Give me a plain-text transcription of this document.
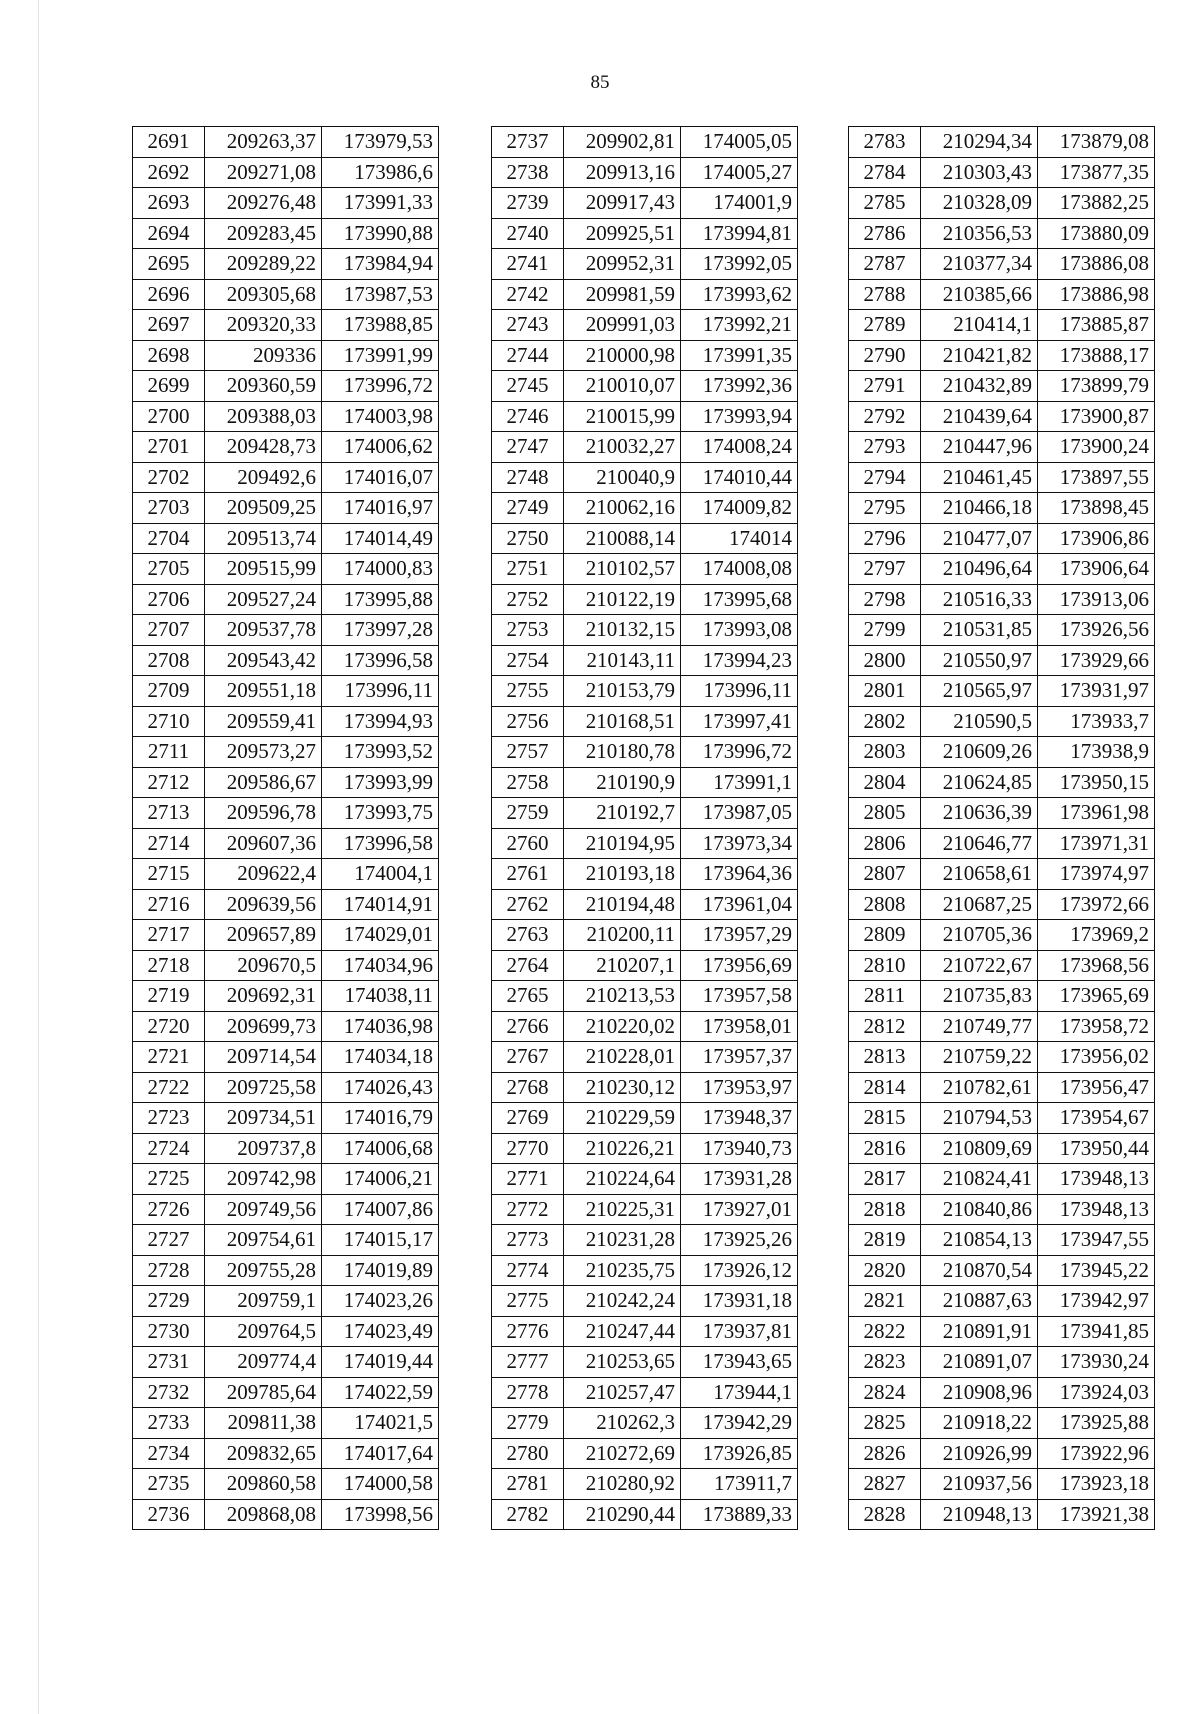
85
2691	209263,37	173979,53
2692	209271,08	173986,6
2693	209276,48	173991,33
2694	209283,45	173990,88
2695	209289,22	173984,94
2696	209305,68	173987,53
2697	209320,33	173988,85
2698	209336	173991,99
2699	209360,59	173996,72
2700	209388,03	174003,98
2701	209428,73	174006,62
2702	209492,6	174016,07
2703	209509,25	174016,97
2704	209513,74	174014,49
2705	209515,99	174000,83
2706	209527,24	173995,88
2707	209537,78	173997,28
2708	209543,42	173996,58
2709	209551,18	173996,11
2710	209559,41	173994,93
2711	209573,27	173993,52
2712	209586,67	173993,99
2713	209596,78	173993,75
2714	209607,36	173996,58
2715	209622,4	174004,1
2716	209639,56	174014,91
2717	209657,89	174029,01
2718	209670,5	174034,96
2719	209692,31	174038,11
2720	209699,73	174036,98
2721	209714,54	174034,18
2722	209725,58	174026,43
2723	209734,51	174016,79
2724	209737,8	174006,68
2725	209742,98	174006,21
2726	209749,56	174007,86
2727	209754,61	174015,17
2728	209755,28	174019,89
2729	209759,1	174023,26
2730	209764,5	174023,49
2731	209774,4	174019,44
2732	209785,64	174022,59
2733	209811,38	174021,5
2734	209832,65	174017,64
2735	209860,58	174000,58
2736	209868,08	173998,56
2737	209902,81	174005,05
2738	209913,16	174005,27
2739	209917,43	174001,9
2740	209925,51	173994,81
2741	209952,31	173992,05
2742	209981,59	173993,62
2743	209991,03	173992,21
2744	210000,98	173991,35
2745	210010,07	173992,36
2746	210015,99	173993,94
2747	210032,27	174008,24
2748	210040,9	174010,44
2749	210062,16	174009,82
2750	210088,14	174014
2751	210102,57	174008,08
2752	210122,19	173995,68
2753	210132,15	173993,08
2754	210143,11	173994,23
2755	210153,79	173996,11
2756	210168,51	173997,41
2757	210180,78	173996,72
2758	210190,9	173991,1
2759	210192,7	173987,05
2760	210194,95	173973,34
2761	210193,18	173964,36
2762	210194,48	173961,04
2763	210200,11	173957,29
2764	210207,1	173956,69
2765	210213,53	173957,58
2766	210220,02	173958,01
2767	210228,01	173957,37
2768	210230,12	173953,97
2769	210229,59	173948,37
2770	210226,21	173940,73
2771	210224,64	173931,28
2772	210225,31	173927,01
2773	210231,28	173925,26
2774	210235,75	173926,12
2775	210242,24	173931,18
2776	210247,44	173937,81
2777	210253,65	173943,65
2778	210257,47	173944,1
2779	210262,3	173942,29
2780	210272,69	173926,85
2781	210280,92	173911,7
2782	210290,44	173889,33
2783	210294,34	173879,08
2784	210303,43	173877,35
2785	210328,09	173882,25
2786	210356,53	173880,09
2787	210377,34	173886,08
2788	210385,66	173886,98
2789	210414,1	173885,87
2790	210421,82	173888,17
2791	210432,89	173899,79
2792	210439,64	173900,87
2793	210447,96	173900,24
2794	210461,45	173897,55
2795	210466,18	173898,45
2796	210477,07	173906,86
2797	210496,64	173906,64
2798	210516,33	173913,06
2799	210531,85	173926,56
2800	210550,97	173929,66
2801	210565,97	173931,97
2802	210590,5	173933,7
2803	210609,26	173938,9
2804	210624,85	173950,15
2805	210636,39	173961,98
2806	210646,77	173971,31
2807	210658,61	173974,97
2808	210687,25	173972,66
2809	210705,36	173969,2
2810	210722,67	173968,56
2811	210735,83	173965,69
2812	210749,77	173958,72
2813	210759,22	173956,02
2814	210782,61	173956,47
2815	210794,53	173954,67
2816	210809,69	173950,44
2817	210824,41	173948,13
2818	210840,86	173948,13
2819	210854,13	173947,55
2820	210870,54	173945,22
2821	210887,63	173942,97
2822	210891,91	173941,85
2823	210891,07	173930,24
2824	210908,96	173924,03
2825	210918,22	173925,88
2826	210926,99	173922,96
2827	210937,56	173923,18
2828	210948,13	173921,38
